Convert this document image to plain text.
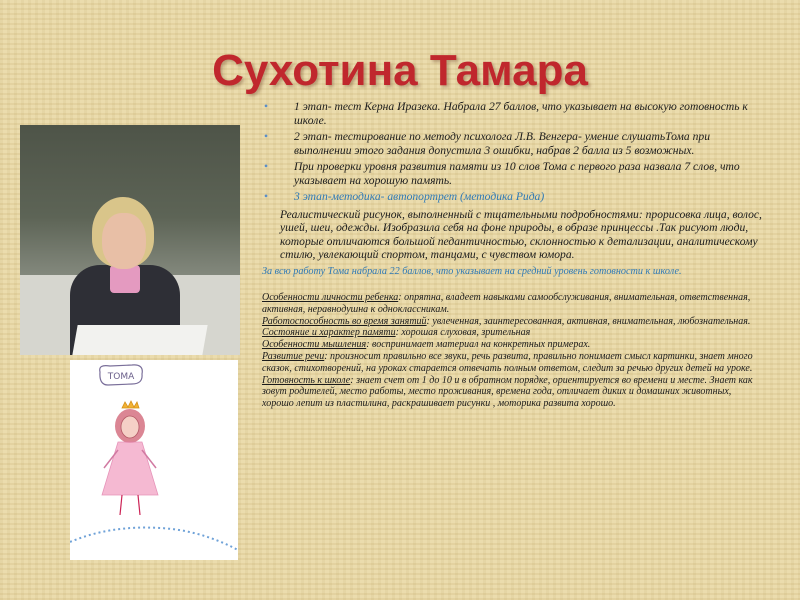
Сухотина Тамара
ТОМА
• 1 этап- тест Керна Иразека. Набрала 27 баллов, что указывает на высокую готовность к школе.
• 2 этап- тестирование по методу психолога Л.В. Венгера- умение слушатьТома при выполнении этого задания допустила 3 ошибки, набрав 2 балла из 5 возможных.
• При проверки уровня развития памяти из 10 слов Тома с первого раза назвала 7 слов, что указывает на хорошую память.
• 3 этап-методика- автопортрет (методика Рида)
Реалистический рисунок, выполненный с тщательными подробностями: прорисовка лица, волос, ушей, шеи, одежды. Изобразила себя на фоне природы, в образе принцессы .Так рисуют люди, которые отличаются большой педантичностью, склонностью к детализации, аналитическому стилю, увлекающий спортом, танцами, с чувством юмора.
За всю работу Тома набрала 22 баллов, что указывает на средний уровень готовности к школе.

Особенности личности ребенка: опрятна, владеет навыками самообслуживания, внимательная, ответственная, активная, неравнодушна к одноклассникам.

Работоспособность во время занятий: увлеченная, заинтересованная, активная, внимательная, любознательная.

Состояние и характер памяти: хорошая слуховая, зрительная

Особенности мышления: воспринимает материал на конкретных примерах.

Развитие речи: произносит правильно все звуки, речь развита, правильно понимает смысл картинки, знает много сказок, стихотворений, на уроках старается отвечать полным ответом, следит за речью других детей на уроке.

Готовность к школе: знает счет от 1 до 10 и в обратном порядке, ориентируется во времени и месте. Знает как зовут родителей, место работы, место проживания, времена года, отличает диких и домашних животных, хорошо лепит из пластилина, раскрашивает рисунки , моторика развита хорошо.
